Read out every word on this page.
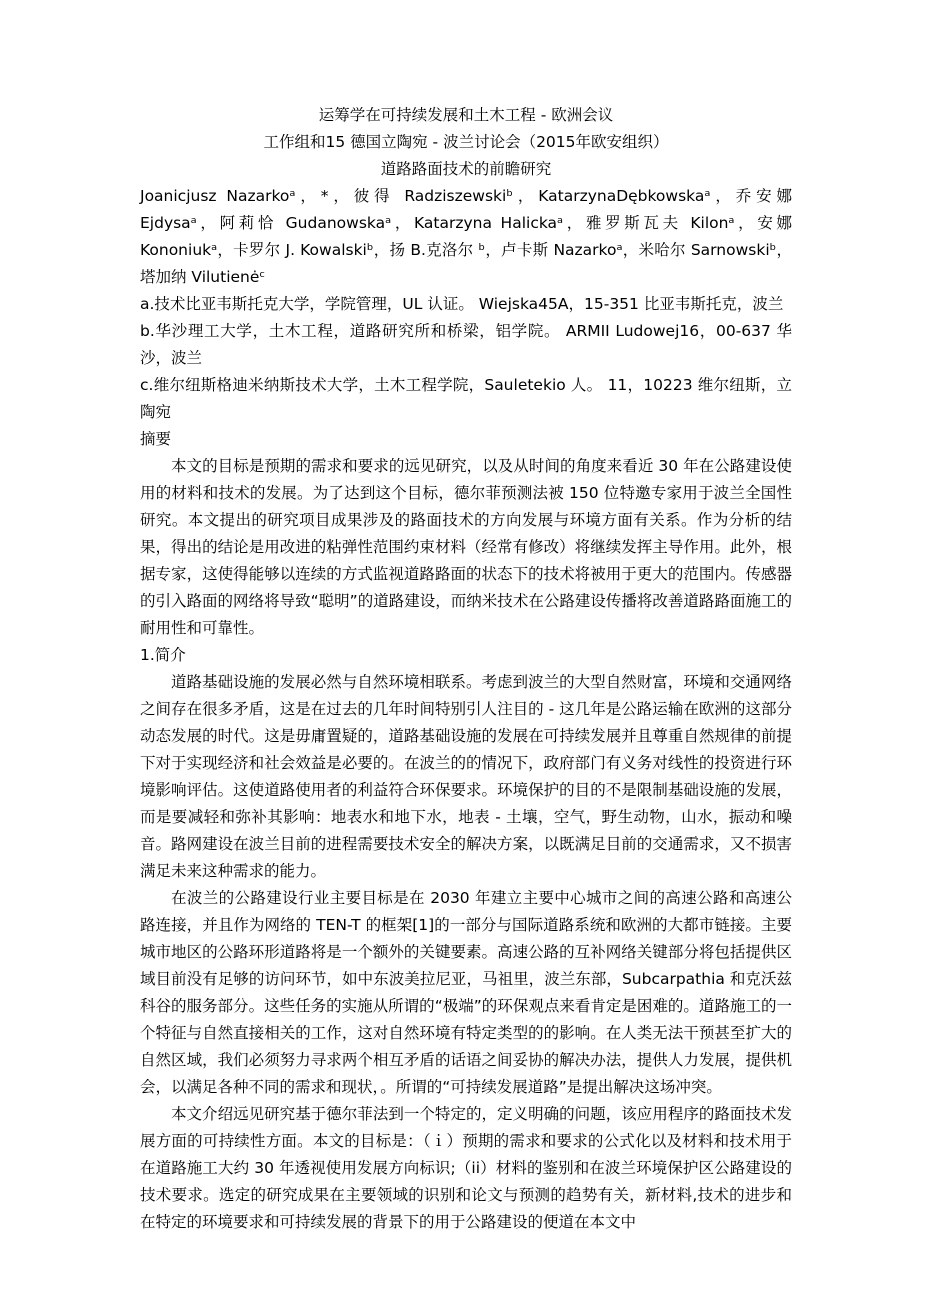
运筹学在可持续发展和土木工程 - 欧洲会议

工作组和15 德国立陶宛 - 波兰讨论会（2015年欧安组织）

道路路面技术的前瞻研究

Joanicjusz Nazarkoᵃ，*，彼得 Radziszewskiᵇ，KatarzynaDębkowskaᵃ，乔安娜 Ejdysaᵃ，阿莉恰 Gudanowskaᵃ，Katarzyna Halickaᵃ，雅罗斯瓦夫 Kilonᵃ，安娜 Kononiukᵃ，卡罗尔 J. Kowalskiᵇ，扬 B.克洛尔 ᵇ，卢卡斯 Nazarkoᵃ，米哈尔 Sarnowskiᵇ，塔加纳 Vilutienėᶜ

a.技术比亚韦斯托克大学，学院管理，UL 认证。 Wiejska45A，15-351 比亚韦斯托克，波兰

b.华沙理工大学，土木工程，道路研究所和桥梁，铝学院。 ARMII Ludowej16，00-637 华沙，波兰

c.维尔纽斯格迪米纳斯技术大学，土木工程学院，Sauletekio 人。 11，10223 维尔纽斯，立陶宛

摘要

本文的目标是预期的需求和要求的远见研究，以及从时间的角度来看近 30 年在公路建设使用的材料和技术的发展。为了达到这个目标，德尔菲预测法被 150 位特邀专家用于波兰全国性研究。本文提出的研究项目成果涉及的路面技术的方向发展与环境方面有关系。作为分析的结果，得出的结论是用改进的粘弹性范围约束材料（经常有修改）将继续发挥主导作用。此外，根据专家，这使得能够以连续的方式监视道路路面的状态下的技术将被用于更大的范围内。传感器的引入路面的网络将导致“聪明”的道路建设，而纳米技术在公路建设传播将改善道路路面施工的耐用性和可靠性。

1.简介

道路基础设施的发展必然与自然环境相联系。考虑到波兰的大型自然财富，环境和交通网络之间存在很多矛盾，这是在过去的几年时间特别引人注目的 - 这几年是公路运输在欧洲的这部分动态发展的时代。这是毋庸置疑的，道路基础设施的发展在可持续发展并且尊重自然规律的前提下对于实现经济和社会效益是必要的。在波兰的的情况下，政府部门有义务对线性的投资进行环境影响评估。这使道路使用者的利益符合环保要求。环境保护的目的不是限制基础设施的发展，而是要减轻和弥补其影响：地表水和地下水，地表 - 土壤，空气，野生动物，山水，振动和噪音。路网建设在波兰目前的进程需要技术安全的解决方案，以既满足目前的交通需求，又不损害满足未来这种需求的能力。

在波兰的公路建设行业主要目标是在 2030 年建立主要中心城市之间的高速公路和高速公路连接，并且作为网络的 TEN-T 的框架[1]的一部分与国际道路系统和欧洲的大都市链接。主要城市地区的公路环形道路将是一个额外的关键要素。高速公路的互补网络关键部分将包括提供区域目前没有足够的访问环节，如中东波美拉尼亚，马祖里，波兰东部，Subcarpathia 和克沃兹科谷的服务部分。这些任务的实施从所谓的“极端”的环保观点来看肯定是困难的。道路施工的一个特征与自然直接相关的工作，这对自然环境有特定类型的的影响。在人类无法干预甚至扩大的自然区域，我们必须努力寻求两个相互矛盾的话语之间妥协的解决办法，提供人力发展，提供机会，以满足各种不同的需求和现状，。所谓的“可持续发展道路”是提出解决这场冲突。

本文介绍远见研究基于德尔菲法到一个特定的，定义明确的问题，该应用程序的路面技术发展方面的可持续性方面。本文的目标是：（ｉ）预期的需求和要求的公式化以及材料和技术用于在道路施工大约 30 年透视使用发展方向标识;（ii）材料的鉴别和在波兰环境保护区公路建设的技术要求。选定的研究成果在主要领域的识别和论文与预测的趋势有关，新材料,技术的进步和在特定的环境要求和可持续发展的背景下的用于公路建设的便道在本文中
